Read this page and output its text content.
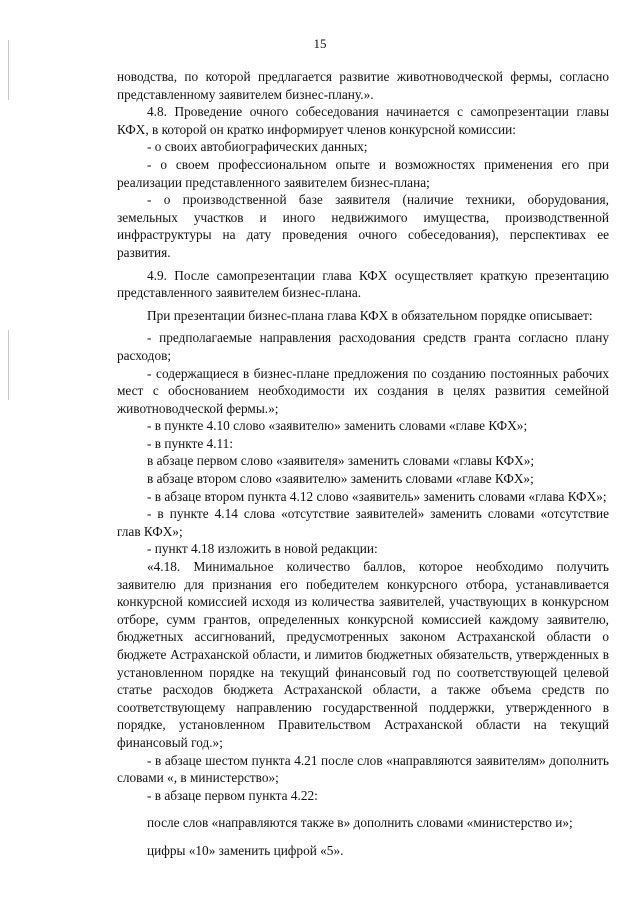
15

новодства, по которой предлагается развитие животноводческой фермы, согласно представленному заявителем бизнес-плану.».

4.8. Проведение очного собеседования начинается с самопрезентации главы КФХ, в которой он кратко информирует членов конкурсной комиссии:

- о своих автобиографических данных;

- о своем профессиональном опыте и возможностях применения его при реализации представленного заявителем бизнес-плана;

- о производственной базе заявителя (наличие техники, оборудования, земельных участков и иного недвижимого имущества, производственной инфраструктуры на дату проведения очного собеседования), перспективах ее развития.

4.9. После самопрезентации глава КФХ осуществляет краткую презентацию представленного заявителем бизнес-плана.

При презентации бизнес-плана глава КФХ в обязательном порядке описывает:

- предполагаемые направления расходования средств гранта согласно плану расходов;

- содержащиеся в бизнес-плане предложения по созданию постоянных рабочих мест с обоснованием необходимости их создания в целях развития семейной животноводческой фермы.»;

- в пункте 4.10 слово «заявителю» заменить словами «главе КФХ»;

- в пункте 4.11:

в абзаце первом слово «заявителя» заменить словами «главы КФХ»;

в абзаце втором слово «заявителю» заменить словами «главе КФХ»;

- в абзаце втором пункта 4.12 слово «заявитель» заменить словами «глава КФХ»;

- в пункте 4.14 слова «отсутствие заявителей» заменить словами «отсутствие глав КФХ»;

- пункт 4.18 изложить в новой редакции:

«4.18. Минимальное количество баллов, которое необходимо получить заявителю для признания его победителем конкурсного отбора, устанавливается конкурсной комиссией исходя из количества заявителей, участвующих в конкурсном отборе, сумм грантов, определенных конкурсной комиссией каждому заявителю, бюджетных ассигнований, предусмотренных законом Астраханской области о бюджете Астраханской области, и лимитов бюджетных обязательств, утвержденных в установленном порядке на текущий финансовый год по соответствующей целевой статье расходов бюджета Астраханской области, а также объема средств по соответствующему направлению государственной поддержки, утвержденного в порядке, установленном Правительством Астраханской области на текущий финансовый год.»;

- в абзаце шестом пункта 4.21 после слов «направляются заявителям» дополнить словами «, в министерство»;

- в абзаце первом пункта 4.22:

после слов «направляются также в» дополнить словами «министерство и»;

цифры «10» заменить цифрой «5».
